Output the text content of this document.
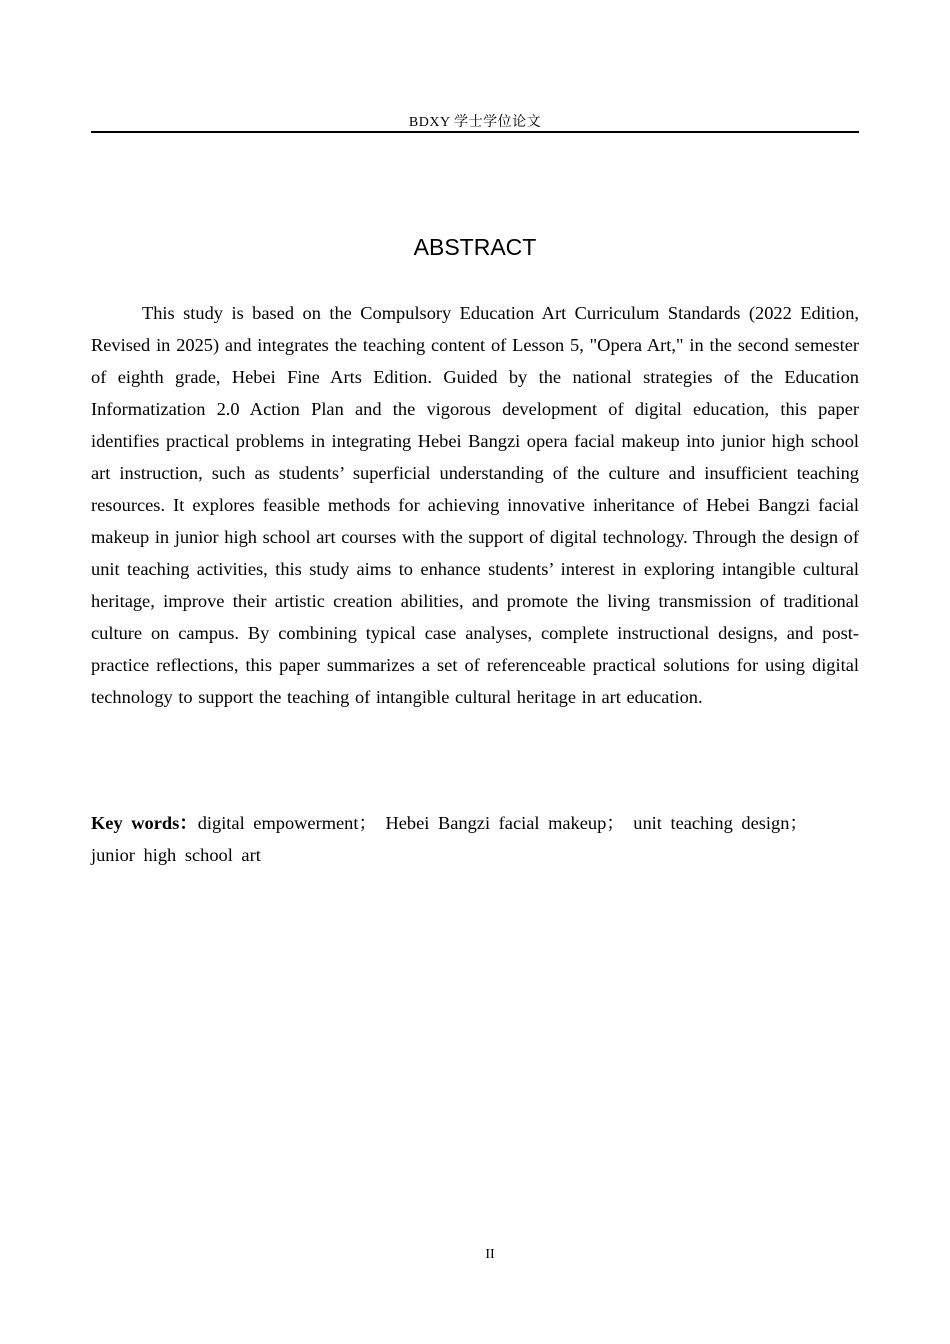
BDXY 学士学位论文
ABSTRACT

This study is based on the Compulsory Education Art Curriculum Standards (2022 Edition, Revised in 2025) and integrates the teaching content of Lesson 5, "Opera Art," in the second semester of eighth grade, Hebei Fine Arts Edition. Guided by the national strategies of the Education Informatization 2.0 Action Plan and the vigorous development of digital education, this paper identifies practical problems in integrating Hebei Bangzi opera facial makeup into junior high school art instruction, such as students’ superficial understanding of the culture and insufficient teaching resources. It explores feasible methods for achieving innovative inheritance of Hebei Bangzi facial makeup in junior high school art courses with the support of digital technology. Through the design of unit teaching activities, this study aims to enhance students’ interest in exploring intangible cultural heritage, improve their artistic creation abilities, and promote the living transmission of traditional culture on campus. By combining typical case analyses, complete instructional designs, and post-practice reflections, this paper summarizes a set of referenceable practical solutions for using digital technology to support the teaching of intangible cultural heritage in art education.

Key words：digital empowerment； Hebei Bangzi facial makeup； unit teaching design； junior high school art

II
